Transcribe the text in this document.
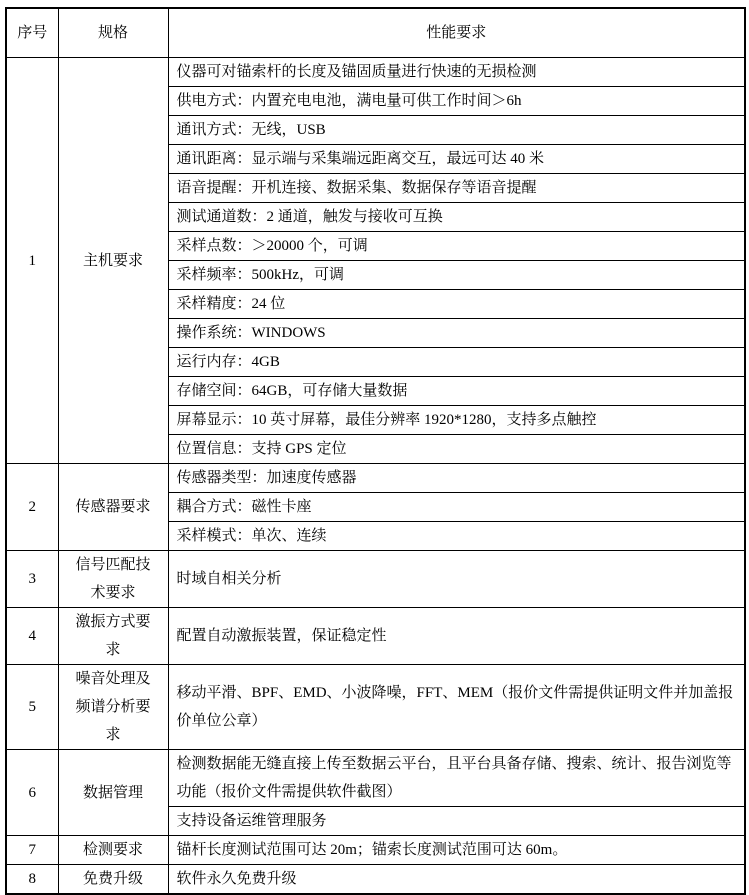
序号	规格	性能要求
1	主机要求	仪器可对锚索杆的长度及锚固质量进行快速的无损检测
		供电方式：内置充电电池，满电量可供工作时间＞6h
		通讯方式：无线，USB
		通讯距离：显示端与采集端远距离交互，最远可达 40 米
		语音提醒：开机连接、数据采集、数据保存等语音提醒
		测试通道数：2 通道，触发与接收可互换
		采样点数：＞20000 个，可调
		采样频率：500kHz，可调
		采样精度：24 位
		操作系统：WINDOWS
		运行内存：4GB
		存储空间：64GB，可存储大量数据
		屏幕显示：10 英寸屏幕，最佳分辨率 1920*1280，支持多点触控
		位置信息：支持 GPS 定位
2	传感器要求	传感器类型：加速度传感器
		耦合方式：磁性卡座
		采样模式：单次、连续
3	信号匹配技术要求	时域自相关分析
4	激振方式要求	配置自动激振装置，保证稳定性
5	噪音处理及频谱分析要求	移动平滑、BPF、EMD、小波降噪，FFT、MEM（报价文件需提供证明文件并加盖报价单位公章）
6	数据管理	检测数据能无缝直接上传至数据云平台，且平台具备存储、搜索、统计、报告浏览等功能（报价文件需提供软件截图）
		支持设备运维管理服务
7	检测要求	锚杆长度测试范围可达 20m；锚索长度测试范围可达 60m。
8	免费升级	软件永久免费升级
